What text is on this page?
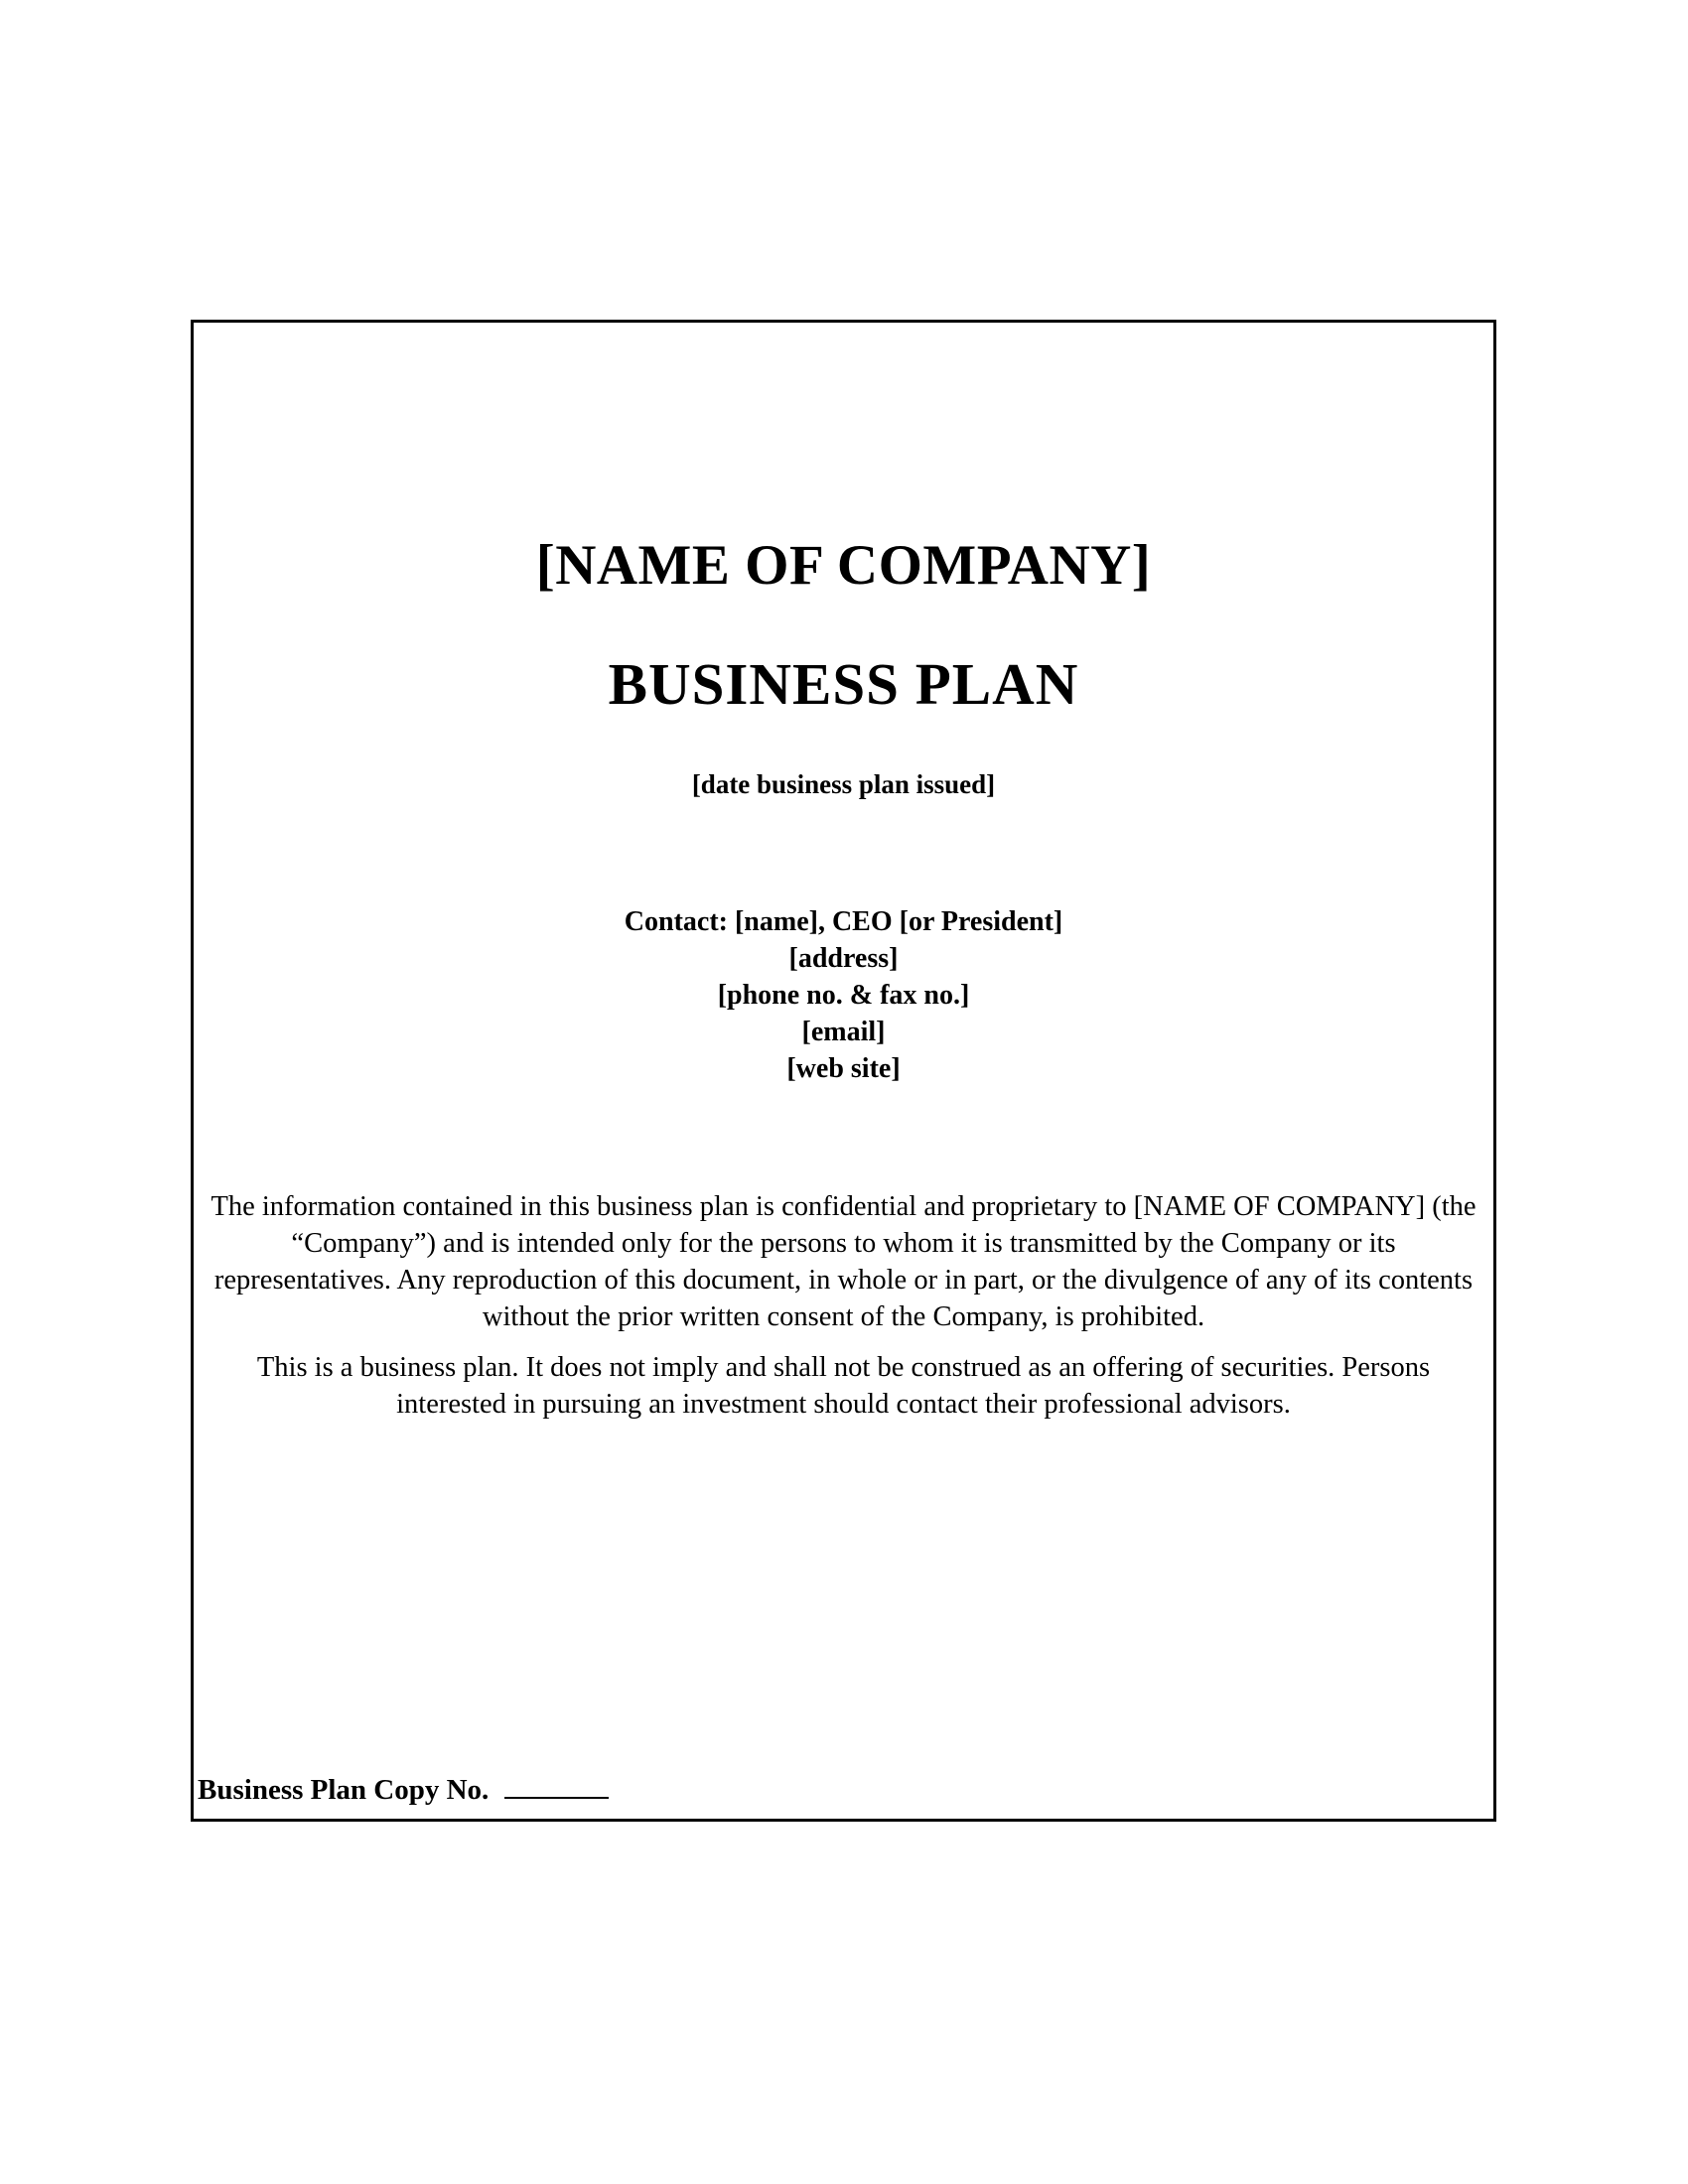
[NAME OF COMPANY]
BUSINESS PLAN
[date business plan issued]
Contact: [name], CEO [or President]
[address]
[phone no. & fax no.]
[email]
[web site]
The information contained in this business plan is confidential and proprietary to [NAME OF COMPANY] (the “Company”) and is intended only for the persons to whom it is transmitted by the Company or its representatives. Any reproduction of this document, in whole or in part, or the divulgence of any of its contents without the prior written consent of the Company, is prohibited.
This is a business plan. It does not imply and shall not be construed as an offering of securities. Persons interested in pursuing an investment should contact their professional advisors.
Business Plan Copy No.
